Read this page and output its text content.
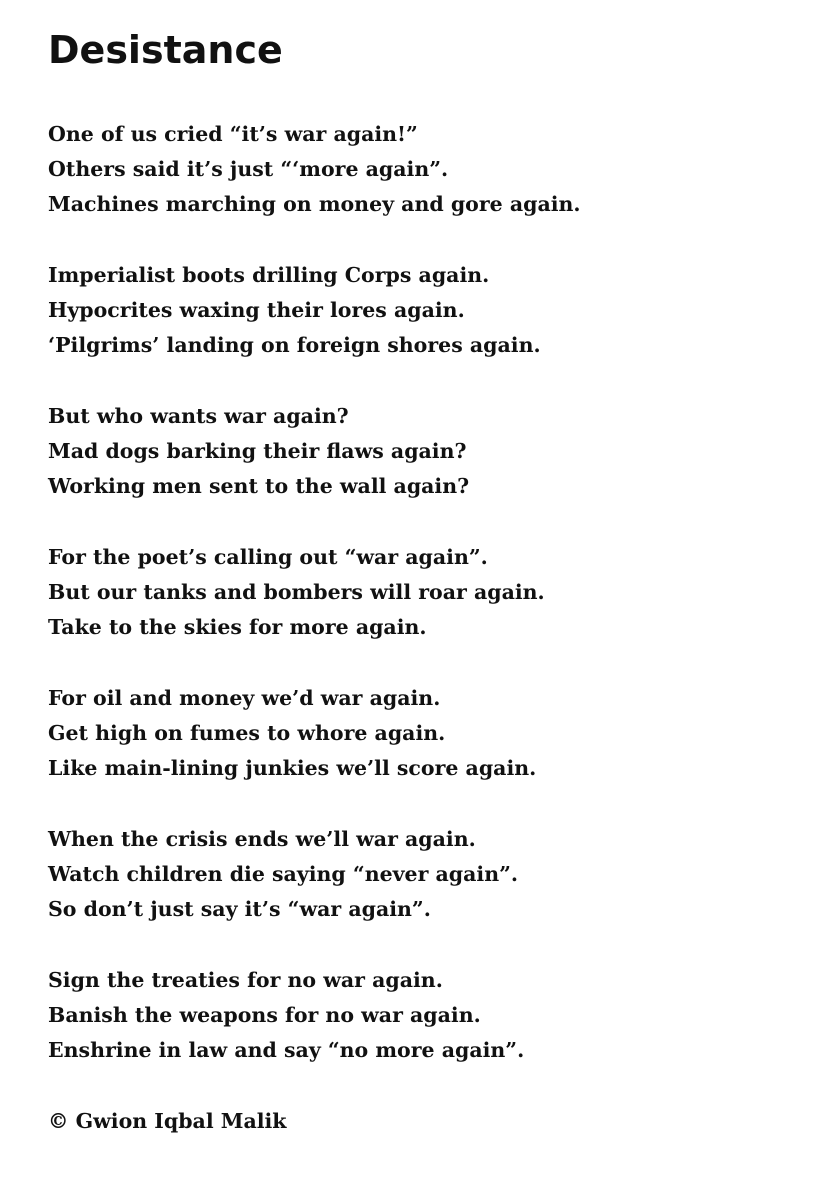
Desistance
One of us cried “it’s war again!”
Others said it’s just “‘more again”.
Machines marching on money and gore again.
Imperialist boots drilling Corps again.
Hypocrites waxing their lores again.
‘Pilgrims’ landing on foreign shores again.
But who wants war again?
Mad dogs barking their flaws again?
Working men sent to the wall again?
For the poet’s calling out “war again”.
But our tanks and bombers will roar again.
Take to the skies for more again.
For oil and money we’d war again.
Get high on fumes to whore again.
Like main-lining junkies we’ll score again.
When the crisis ends we’ll war again.
Watch children die saying “never again”.
So don’t just say it’s “war again”.
Sign the treaties for no war again.
Banish the weapons for no war again.
Enshrine in law and say “no more again”.
© Gwion Iqbal Malik
